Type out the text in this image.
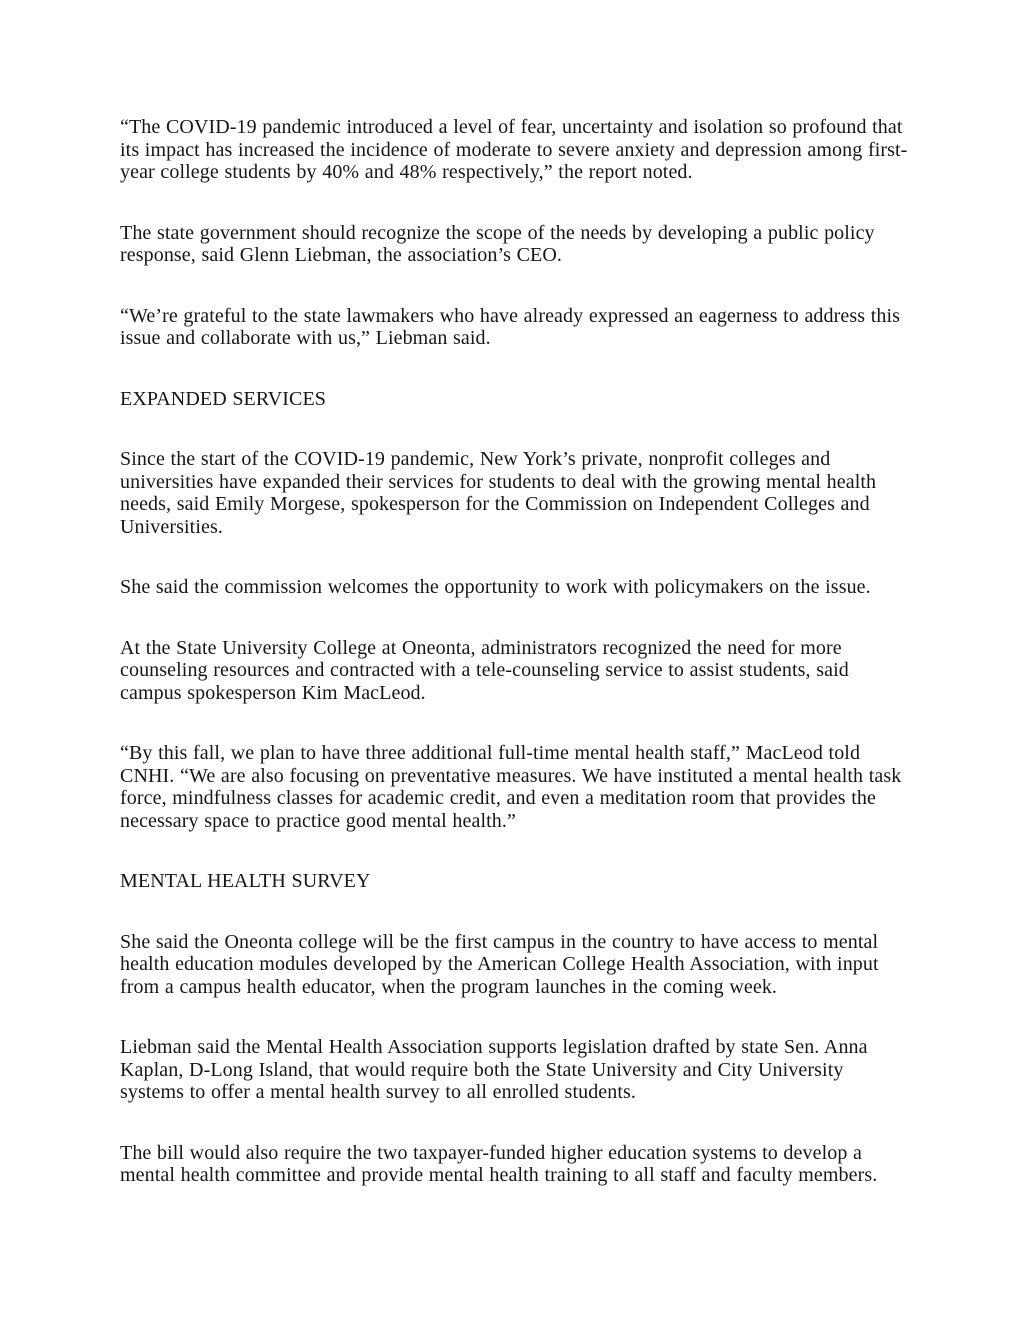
“The COVID-19 pandemic introduced a level of fear, uncertainty and isolation so profound that its impact has increased the incidence of moderate to severe anxiety and depression among first-year college students by 40% and 48% respectively,” the report noted.

The state government should recognize the scope of the needs by developing a public policy response, said Glenn Liebman, the association’s CEO.

“We’re grateful to the state lawmakers who have already expressed an eagerness to address this issue and collaborate with us,” Liebman said.

EXPANDED SERVICES

Since the start of the COVID-19 pandemic, New York’s private, nonprofit colleges and universities have expanded their services for students to deal with the growing mental health needs, said Emily Morgese, spokesperson for the Commission on Independent Colleges and Universities.

She said the commission welcomes the opportunity to work with policymakers on the issue.

At the State University College at Oneonta, administrators recognized the need for more counseling resources and contracted with a tele-counseling service to assist students, said campus spokesperson Kim MacLeod.

“By this fall, we plan to have three additional full-time mental health staff,” MacLeod told CNHI. “We are also focusing on preventative measures. We have instituted a mental health task force, mindfulness classes for academic credit, and even a meditation room that provides the necessary space to practice good mental health.”

MENTAL HEALTH SURVEY

She said the Oneonta college will be the first campus in the country to have access to mental health education modules developed by the American College Health Association, with input from a campus health educator, when the program launches in the coming week.

Liebman said the Mental Health Association supports legislation drafted by state Sen. Anna Kaplan, D-Long Island, that would require both the State University and City University systems to offer a mental health survey to all enrolled students.

The bill would also require the two taxpayer-funded higher education systems to develop a mental health committee and provide mental health training to all staff and faculty members.
